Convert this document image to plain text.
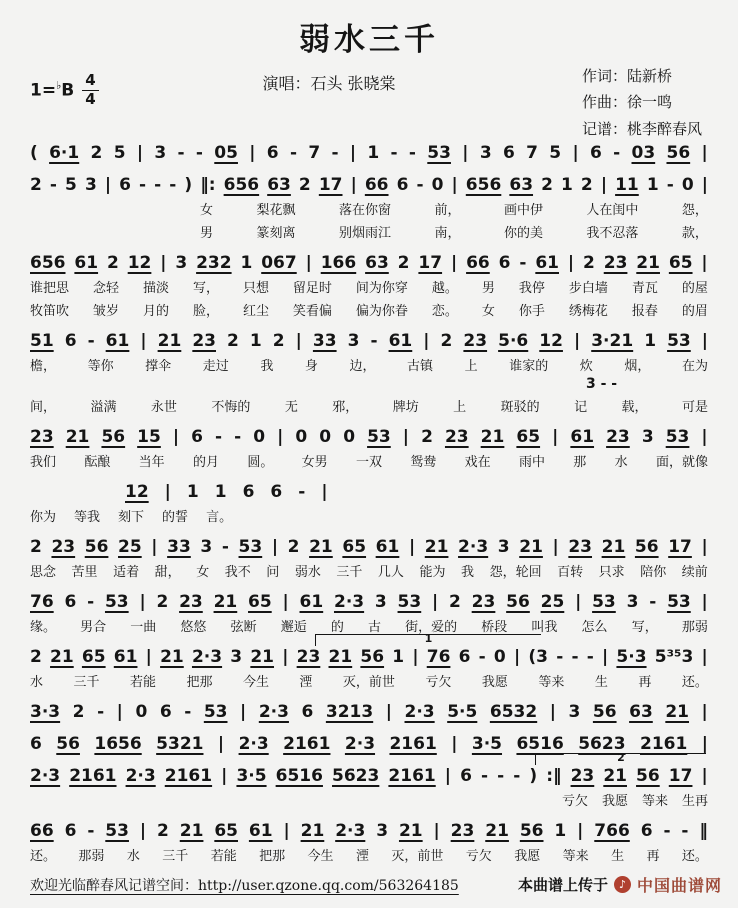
弱水三千
$1=^♭B \frac{4}{4}$	演唱：石头 张晓棠	作词：陆新桥
作曲：徐一鸣
记谱：桃李醉春风
( 6·1 2 5 | 3 - - 05 | 6 - 7 - | 1 - - 53 | 3 6 7 5 | 6 - 03 56 |
2 - 5 3 | 6 - - - ) ‖: 656 63 2 17 | 66 6 - 0 | 656 63 2 1 2 | 11 1 - 0 |
女	梨花飘	落在你窗	前，	画中伊	人在闺中	怨，
男	篆刻离	别烟雨江	南，	你的美	我不忍落	款，
656 61 2 12 | 3 232 1 067 | 166 63 2 17 | 66 6 - 61 | 2 23 21 65 |
谁把思 念轻 描淡 写， 只想 留足时 间为你穿 越。 男 我停 步白墙 青瓦 的屋
牧笛吹 皱岁 月的 脸， 红尘 笑看偏 偏为你眷 恋。 女 你手 绣梅花 报春 的眉
51 6 - 61 | 21 23 2 1 2 | 33 3 - 61 | 2 23 5·6 12 | 3·21 1 53 |
檐， 等你 撑伞 走过 我 身 边， 古镇 上 谁家的 炊 烟， 在为
3 - -
间，	溢满	永世	不悔的	无	邪，	牌坊	上	斑驳的	记	载，	可是
23 21 56 15 | 6 - - 0 | 0 0 0 53 | 2 23 21 65 | 61 23 3 53 |
我们 酝酿 当年 的月 圆。 女男 一双 鸳鸯 戏在 雨中 那 水 面，就像
12 | 1 1 6 6 - |
你为 等我 刻下 的誓 言。
2 23 56 25 | 33 3 - 53 | 2 21 65 61 | 21 2·3 3 21 | 23 21 56 17 |
思念 苦里 适着 甜， 女 我不 问 弱水 三千 几人 能为 我 怨，轮回 百转 只求 陪你 续前
76 6 - 53 | 2 23 21 65 | 61 2·3 3 53 | 2 23 56 25 | 53 3 - 53 |
缘。 男合 一曲 悠悠 弦断 邂逅 的 古 街，爱的 桥段 叫我 怎么 写， 那弱
1
2 21 65 61 | 21 2·3 3 21 | 23 21 56 1 | 76 6 - 0 | (3 - - - | 5·3 5³⁵3 |
水 三千 若能 把那 今生 湮 灭，前世 亏欠 我愿 等来 生 再 还。
3·3 2 - | 0 6 - 53 | 2·3 6 3213 | 2·3 5·5 6532 | 3 56 63 21 |
6 56 1656 5321 | 2·3 2161 2·3 2161 | 3·5 6516 5623 2161 |
2
2·3 2161 2·3 2161 | 3·5 6516 5623 2161 | 6 - - - ) :‖ 23 21 56 17 |
亏欠 我愿 等来 生再
66 6 - 53 | 2 21 65 61 | 21 2·3 3 21 | 23 21 56 1 | 766 6 - - ‖
还。 那弱 水 三千 若能 把那 今生 湮 灭，前世 亏欠 我愿 等来 生 再 还。
欢迎光临醉春风记谱空间：http://user.qzone.qq.com/563264185	本曲谱上传于 ♪ 中国曲谱网
